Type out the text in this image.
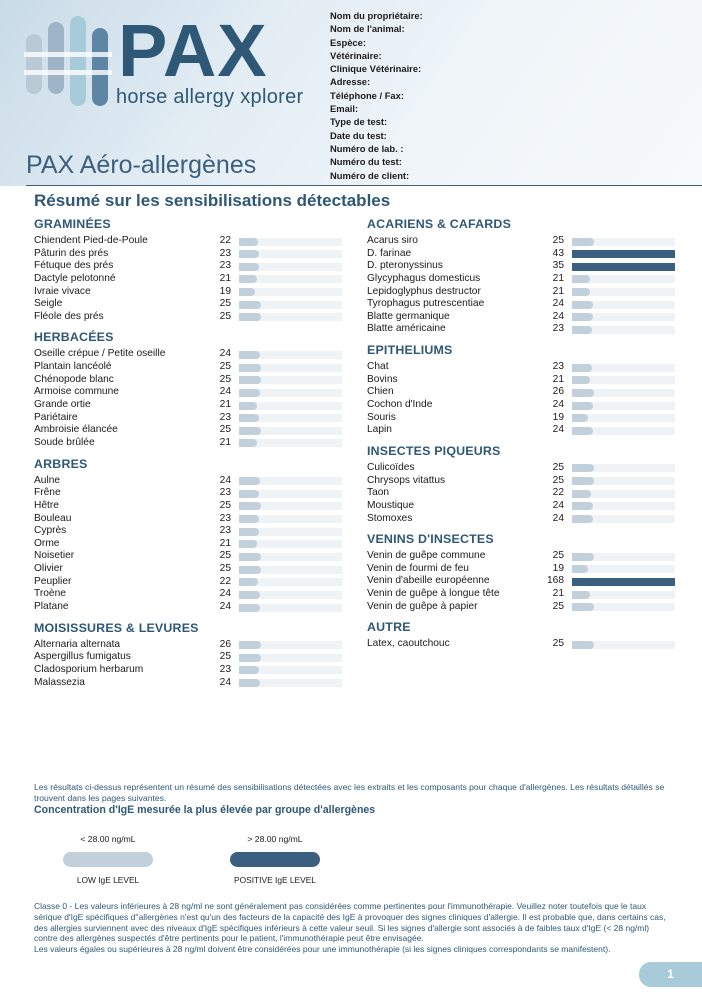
PAX
horse allergy xplorer
PAX Aéro-allergènes
Nom du propriétaire:
Nom de l'animal:
Espèce:
Vétérinaire:
Clinique Vétérinaire:
Adresse:
Téléphone / Fax:
Email:
Type de test:
Date du test:
Numéro de lab. :
Numéro du test:
Numéro de client:
Résumé sur les sensibilisations détectables
GRAMINÉES
Chiendent Pied-de-Poule	22
Pâturin des prés	23
Fétuque des prés	23
Dactyle pelotonné	21
Ivraie vivace	19
Seigle	25
Fléole des prés	25
HERBACÉES
Oseille crépue / Petite oseille	24
Plantain lancéolé	25
Chénopode blanc	25
Armoise commune	24
Grande ortie	21
Pariétaire	23
Ambroisie élancée	25
Soude brûlée	21
ARBRES
Aulne	24
Frêne	23
Hêtre	25
Bouleau	23
Cyprès	23
Orme	21
Noisetier	25
Olivier	25
Peuplier	22
Troène	24
Platane	24
MOISISSURES & LEVURES
Alternaria alternata	26
Aspergillus fumigatus	25
Cladosporium herbarum	23
Malassezia	24
ACARIENS & CAFARDS
Acarus siro	25
D. farinae	43
D. pteronyssinus	35
Glycyphagus domesticus	21
Lepidoglyphus destructor	21
Tyrophagus putrescentiae	24
Blatte germanique	24
Blatte américaine	23
EPITHELIUMS
Chat	23
Bovins	21
Chien	26
Cochon d'Inde	24
Souris	19
Lapin	24
INSECTES PIQUEURS
Culicoïdes	25
Chrysops vitattus	25
Taon	22
Moustique	24
Stomoxes	24
VENINS D'INSECTES
Venin de guêpe commune	25
Venin de fourmi de feu	19
Venin d'abeille européenne	168
Venin de guêpe à longue tête	21
Venin de guêpe à papier	25
AUTRE
Latex, caoutchouc	25
Les résultats ci-dessus représentent un résumé des sensibilisations détectées avec les extraits et les composants pour chaque d'allergènes. Les résultats détaillés se trouvent dans les pages suivantes.
Concentration d'IgE mesurée la plus élevée par groupe d'allergènes
< 28.00 ng/mL
LOW IgE LEVEL
> 28.00 ng/mL
POSITIVE IgE LEVEL
Classe 0 - Les valeurs inférieures à 28 ng/ml ne sont généralement pas considérées comme pertinentes pour l'immunothérapie. Veuillez noter toutefois que le taux sérique d'IgE spécifiques d''allergènes n'est qu'un des facteurs de la capacité des IgE à provoquer des signes cliniques d'allergie. Il est probable que, dans certains cas, des allergies surviennent avec des niveaux d'IgE spécifiques inférieurs à cette valeur seuil. Si les signes d'allergie sont associés à de faibles taux d'IgE (< 28 ng/ml) contre des allergènes suspectés d'être pertinents pour le patient, l'immunothérapie peut être envisagée.
Les valeurs égales ou supérieures à 28 ng/ml doivent être considérées pour une immunothérapie (si les signes cliniques correspondants se manifestent).
1
